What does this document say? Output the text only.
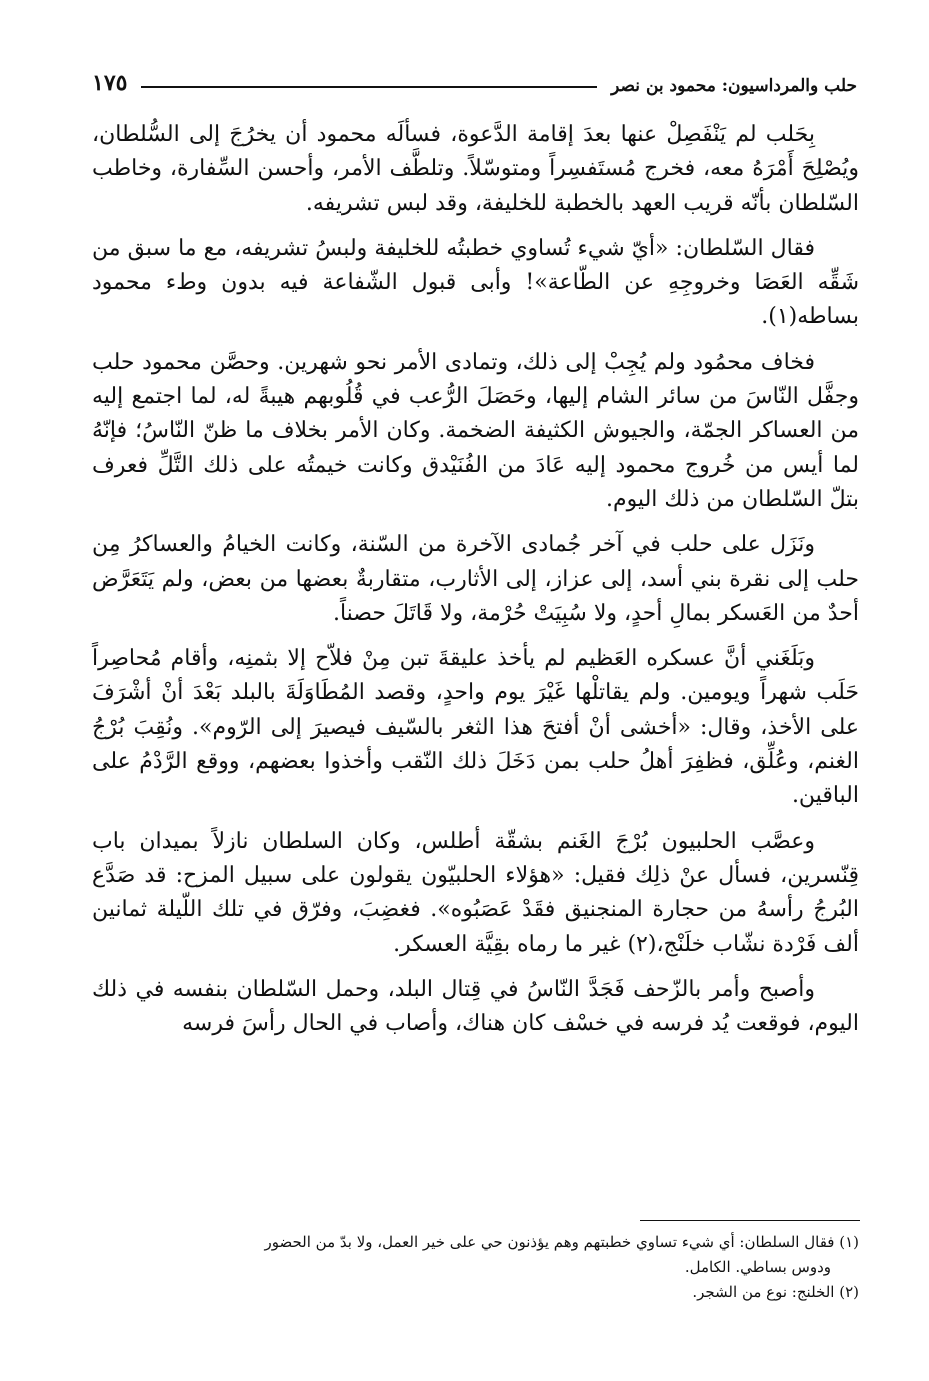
حلب والمرداسيون: محمود بن نصر
١٧٥

بِحَلب لم يَنْفَصِلْ عنها بعدَ إقامة الدَّعوة، فسألَه محمود أن يخرُجَ إلى السُّلطان، ويُصْلِحَ أَمْرَهُ معه، فخرج مُستَفسِراً ومتوسّلاً. وتلطَّف الأمر، وأحسن السِّفارة، وخاطب السّلطان بأنّه قريب العهد بالخطبة للخليفة، وقد لبس تشريفه.

فقال السّلطان: «أيّ شيء تُساوي خطبتُه للخليفة ولبسُ تشريفه، مع ما سبق من شَقِّه العَصَا وخروجِهِ عن الطّاعة»! وأبى قبول الشّفاعة فيه بدون وطء محمود بساطه(١).

فخاف محمُود ولم يُجِبْ إلى ذلك، وتمادى الأمر نحو شهرين. وحصَّن محمود حلب وجفَّل النّاسَ من سائر الشام إليها، وحَصَلَ الرُّعب في قُلُوبهم هيبةً له، لما اجتمع إليه من العساكر الجمّة، والجيوش الكثيفة الضخمة. وكان الأمر بخلاف ما ظنّ النّاسُ؛ فإنّهُ لما أيس من خُروج محمود إليه عَادَ من الفُنَيْدق وكانت خيمتُه على ذلك التَّلِّ فعرف بتلّ السّلطان من ذلك اليوم.

ونَزَل على حلب في آخر جُمادى الآخرة من السّنة، وكانت الخيامُ والعساكرُ مِن حلب إلى نقرة بني أسد، إلى عزاز، إلى الأثارب، متقاربةٌ بعضها من بعض، ولم يَتَعَرَّض أحدٌ من العَسكر بمالِ أحدٍ، ولا سُبِيَتْ حُرْمة، ولا قَاتَلَ حصناً.

وبَلَغَني أنَّ عسكره العَظيم لم يأخذ عليقةَ تبن مِنْ فلاّح إلا بثمنِه، وأقام مُحاصِراً حَلَب شهراً ويومين. ولم يقاتلْها غَيْرَ يوم واحدٍ، وقصد المُطَاوَلَةَ بالبلد بَعْدَ أنْ أشْرَفَ على الأخذ، وقال: «أخشى أنْ أفتحَ هذا الثغر بالسّيف فيصيرَ إلى الرّوم». ونُقِبَ بُرْجُ الغنم، وعُلِّق، فظفِرَ أهلُ حلب بمن دَخَلَ ذلك النّقب وأخذوا بعضهم، ووقع الرَّدْمُ على الباقين.

وعصَّب الحلبيون بُرْجَ الغَنم بشقّة أطلس، وكان السلطان نازلاً بميدان باب قِنّسرين، فسأل عنْ ذلِك فقيل: «هؤلاء الحلبيّون يقولون على سبيل المزح: قد صَدَّع البُرجُ رأسهُ من حجارة المنجنيق فقَدْ عَصَبُوه». فغضِبَ، وفرّق في تلك اللّيلة ثمانين ألف فَرْدة نشّاب خلَنْج،(٢) غير ما رماه بقِيَّة العسكر.

وأصبح وأمر بالزّحف فَجَدَّ النّاسُ في قِتال البلد، وحمل السّلطان بنفسه في ذلك اليوم، فوقعت يُد فرسه في خسْف كان هناك، وأصاب في الحال رأسَ فرسه

(١) فقال السلطان: أي شيء تساوي خطبتهم وهم يؤذنون حي على خير العمل، ولا بدّ من الحضور

ودوس بساطي. الكامل.

(٢) الخلنج: نوع من الشجر.
